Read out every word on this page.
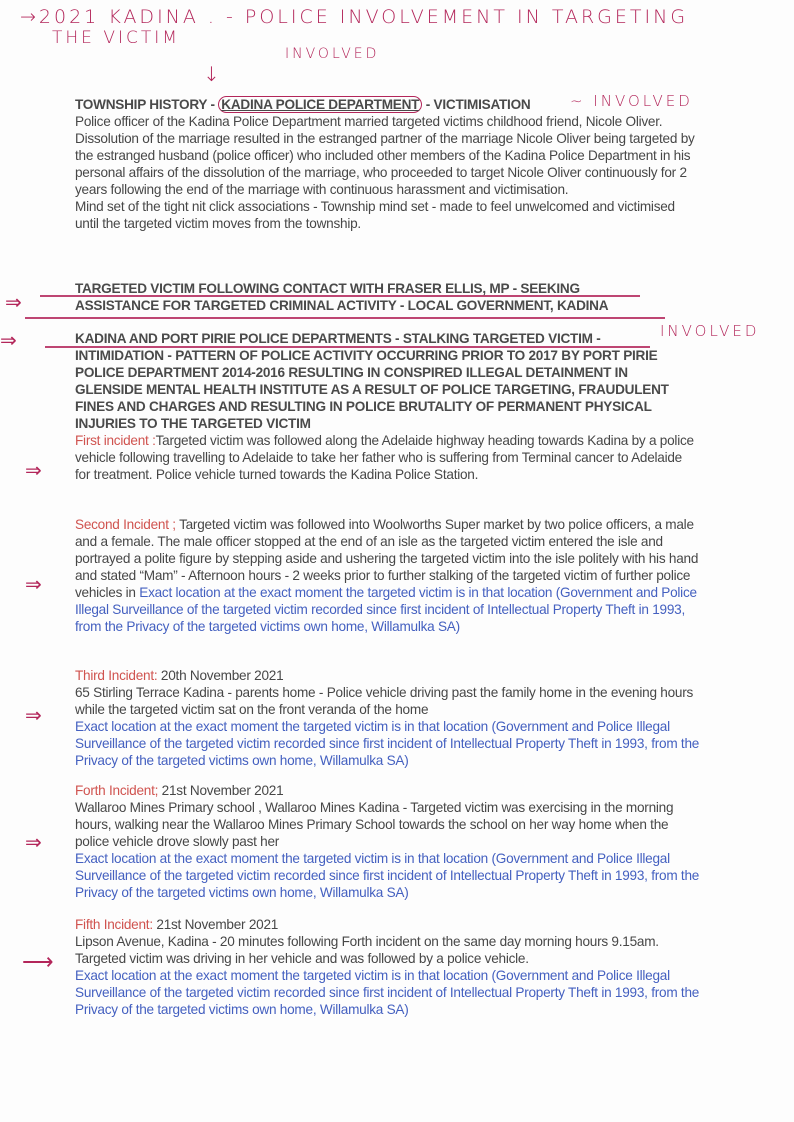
→2021 KADINA . - POLICE INVOLVEMENT IN TARGETING
THE VICTIM
INVOLVED
↓
~ INVOLVED

TOWNSHIP HISTORY - KADINA POLICE DEPARTMENT - VICTIMISATION

Police officer of the Kadina Police Department married targeted victims childhood friend, Nicole Oliver. Dissolution of the marriage resulted in the estranged partner of the marriage Nicole Oliver being targeted by the estranged husband (police officer) who included other members of the Kadina Police Department in his personal affairs of the dissolution of the marriage, who proceeded to target Nicole Oliver continuously for 2 years following the end of the marriage with continuous harassment and victimisation.

Mind set of the tight nit click associations - Township mind set - made to feel unwelcomed and victimised until the targeted victim moves from the township.

⇒
TARGETED VICTIM FOLLOWING CONTACT WITH FRASER ELLIS, MP - SEEKING ASSISTANCE FOR TARGETED CRIMINAL ACTIVITY - LOCAL GOVERNMENT, KADINA
⇒	INVOLVED

KADINA AND PORT PIRIE POLICE DEPARTMENTS - STALKING TARGETED VICTIM - INTIMIDATION - PATTERN OF POLICE ACTIVITY OCCURRING PRIOR TO 2017 BY PORT PIRIE POLICE DEPARTMENT 2014-2016 RESULTING IN CONSPIRED ILLEGAL DETAINMENT IN GLENSIDE MENTAL HEALTH INSTITUTE AS A RESULT OF POLICE TARGETING, FRAUDULENT FINES AND CHARGES AND RESULTING IN POLICE BRUTALITY OF PERMANENT PHYSICAL INJURIES TO THE TARGETED VICTIM

⇒

First incident :Targeted victim was followed along the Adelaide highway heading towards Kadina by a police vehicle following travelling to Adelaide to take her father who is suffering from Terminal cancer to Adelaide for treatment. Police vehicle turned towards the Kadina Police Station.

⇒

Second Incident ; Targeted victim was followed into Woolworths Super market by two police officers, a male and a female. The male officer stopped at the end of an isle as the targeted victim entered the isle and portrayed a polite figure by stepping aside and ushering the targeted victim into the isle politely with his hand and stated “Mam” - Afternoon hours - 2 weeks prior to further stalking of the targeted victim of further police vehicles in Exact location at the exact moment the targeted victim is in that location (Government and Police Illegal Surveillance of the targeted victim recorded since first incident of Intellectual Property Theft in 1993, from the Privacy of the targeted victims own home, Willamulka SA)

⇒

Third Incident: 20th November 2021

65 Stirling Terrace Kadina - parents home - Police vehicle driving past the family home in the evening hours while the targeted victim sat on the front veranda of the home

Exact location at the exact moment the targeted victim is in that location (Government and Police Illegal Surveillance of the targeted victim recorded since first incident of Intellectual Property Theft in 1993, from the Privacy of the targeted victims own home, Willamulka SA)

⇒

Forth Incident; 21st November 2021

Wallaroo Mines Primary school , Wallaroo Mines Kadina - Targeted victim was exercising in the morning hours, walking near the Wallaroo Mines Primary School towards the school on her way home when the police vehicle drove slowly past her

Exact location at the exact moment the targeted victim is in that location (Government and Police Illegal Surveillance of the targeted victim recorded since first incident of Intellectual Property Theft in 1993, from the Privacy of the targeted victims own home, Willamulka SA)

⟶

Fifth Incident: 21st November 2021

Lipson Avenue, Kadina - 20 minutes following Forth incident on the same day morning hours 9.15am. Targeted victim was driving in her vehicle and was followed by a police vehicle.

Exact location at the exact moment the targeted victim is in that location (Government and Police Illegal Surveillance of the targeted victim recorded since first incident of Intellectual Property Theft in 1993, from the Privacy of the targeted victims own home, Willamulka SA)
